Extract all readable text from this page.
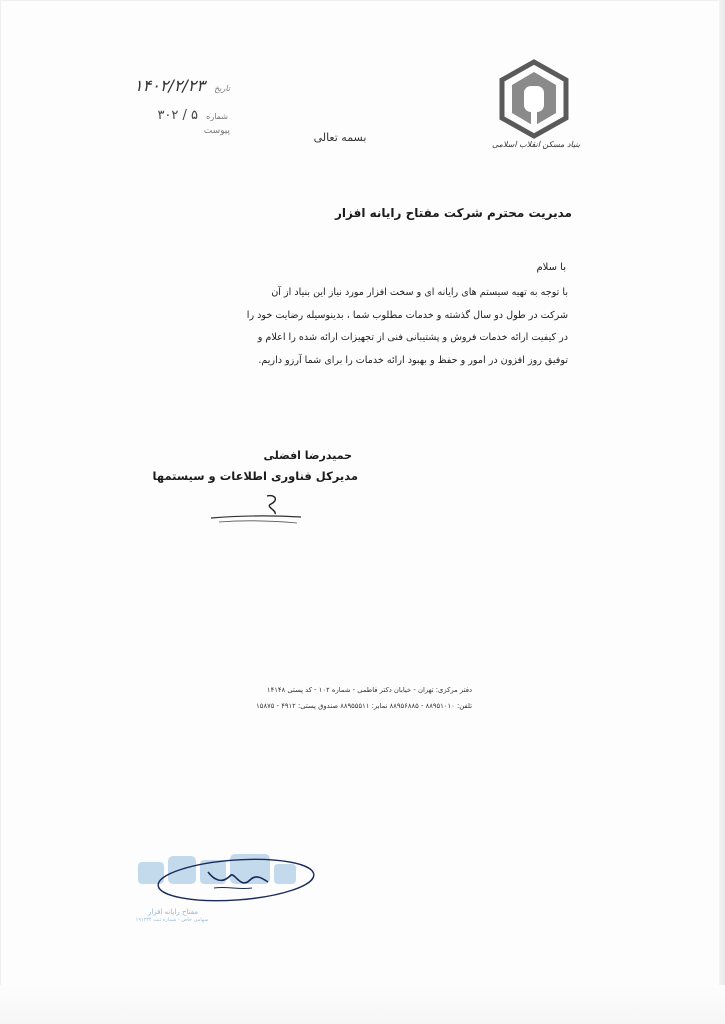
تاریخ ۱۴۰۲/۲/۲۳
شماره ۵ / ۳۰۲
پیوست	بسمه تعالی
بنیاد مسکن انقلاب اسلامی
مدیریت محترم شرکت مفتاح رایانه افزار
با سلام
با توجه به تهیه سیستم های رایانه ای و سخت افزار مورد نیاز این بنیاد از آن
شرکت در طول دو سال گذشته و خدمات مطلوب شما ، بدینوسیله رضایت خود را
در کیفیت ارائه خدمات فروش و پشتیبانی فنی از تجهیزات ارائه شده را اعلام و
توفیق روز افزون در امور و حفظ و بهبود ارائه خدمات را برای شما آرزو داریم.
حمیدرضا افضلی
مدیرکل فناوری اطلاعات و سیستمها
دفتر مرکزی: تهران - خیابان دکتر فاطمی - شماره ۱۰۲ - کد پستی ۱۴۱۴۸
تلفن: ۸۸۹۵۱۰۱۰ - ۸۸۹۵۶۸۸۵ نمابر: ۸۸۹۵۵۵۱۱ صندوق پستی: ۴۹۱۲ - ۱۵۸۷۵
مفتاح رایانه افزار
سهامی خاص - شماره ثبت ۱۹۱۲۳۴
